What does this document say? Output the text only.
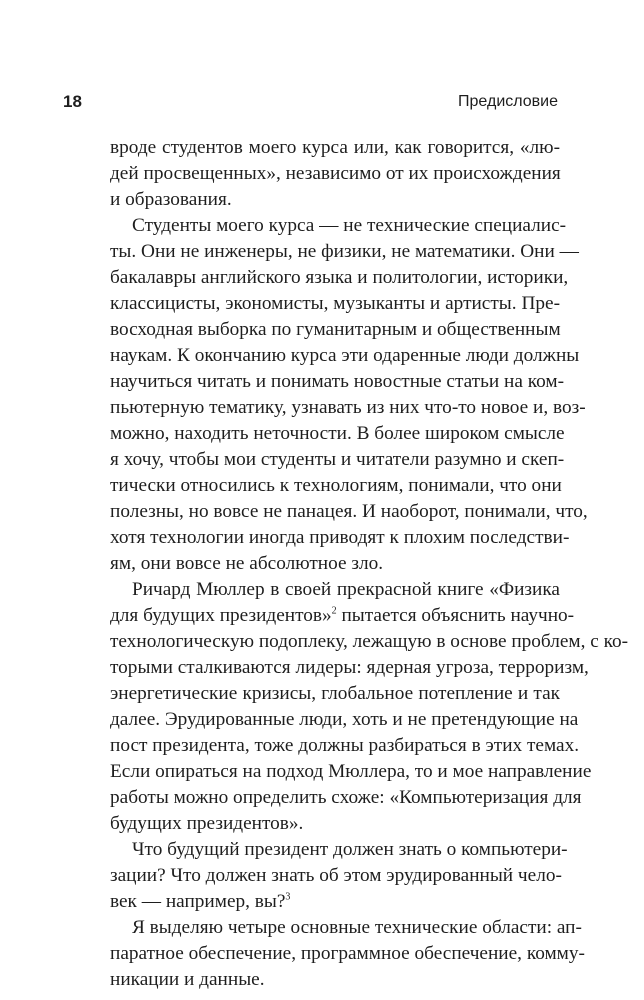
18	Предисловие
вроде студентов моего курса или, как говорится, «лю-
дей просвещенных», независимо от их происхождения
и образования.
Студенты моего курса — не технические специалис-
ты. Они не инженеры, не физики, не математики. Они —
бакалавры английского языка и политологии, историки,
классицисты, экономисты, музыканты и артисты. Пре-
восходная выборка по гуманитарным и общественным
наукам. К окончанию курса эти одаренные люди должны
научиться читать и понимать новостные статьи на ком-
пьютерную тематику, узнавать из них что-то новое и, воз-
можно, находить неточности. В более широком смысле
я хочу, чтобы мои студенты и читатели разумно и скеп-
тически относились к технологиям, понимали, что они
полезны, но вовсе не панацея. И наоборот, понимали, что,
хотя технологии иногда приводят к плохим последстви-
ям, они вовсе не абсолютное зло.
Ричард Мюллер в своей прекрасной книге «Физика
для будущих президентов»$^2$ пытается объяснить научно-
технологическую подоплеку, лежащую в основе проблем, с ко-
торыми сталкиваются лидеры: ядерная угроза, терроризм,
энергетические кризисы, глобальное потепление и так
далее. Эрудированные люди, хоть и не претендующие на
пост президента, тоже должны разбираться в этих темах.
Если опираться на подход Мюллера, то и мое направление
работы можно определить схоже: «Компьютеризация для
будущих президентов».
Что будущий президент должен знать о компьютери-
зации? Что должен знать об этом эрудированный чело-
век — например, вы?$^3$
Я выделяю четыре основные технические области: ап-
паратное обеспечение, программное обеспечение, комму-
никации и данные.
